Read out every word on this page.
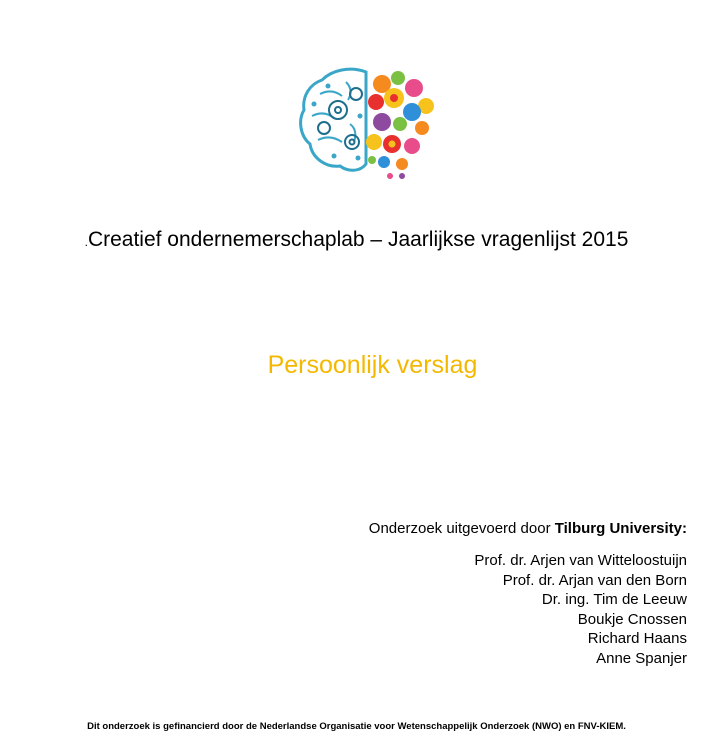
.Creatief ondernemerschaplab – Jaarlijkse vragenlijst 2015
Persoonlijk verslag
Onderzoek uitgevoerd door Tilburg University:
Prof. dr. Arjen van Witteloostuijn
Prof. dr. Arjan van den Born
Dr. ing. Tim de Leeuw
Boukje Cnossen
Richard Haans
Anne Spanjer
Dit onderzoek is gefinancierd door de Nederlandse Organisatie voor Wetenschappelijk Onderzoek (NWO) en FNV-KIEM.
